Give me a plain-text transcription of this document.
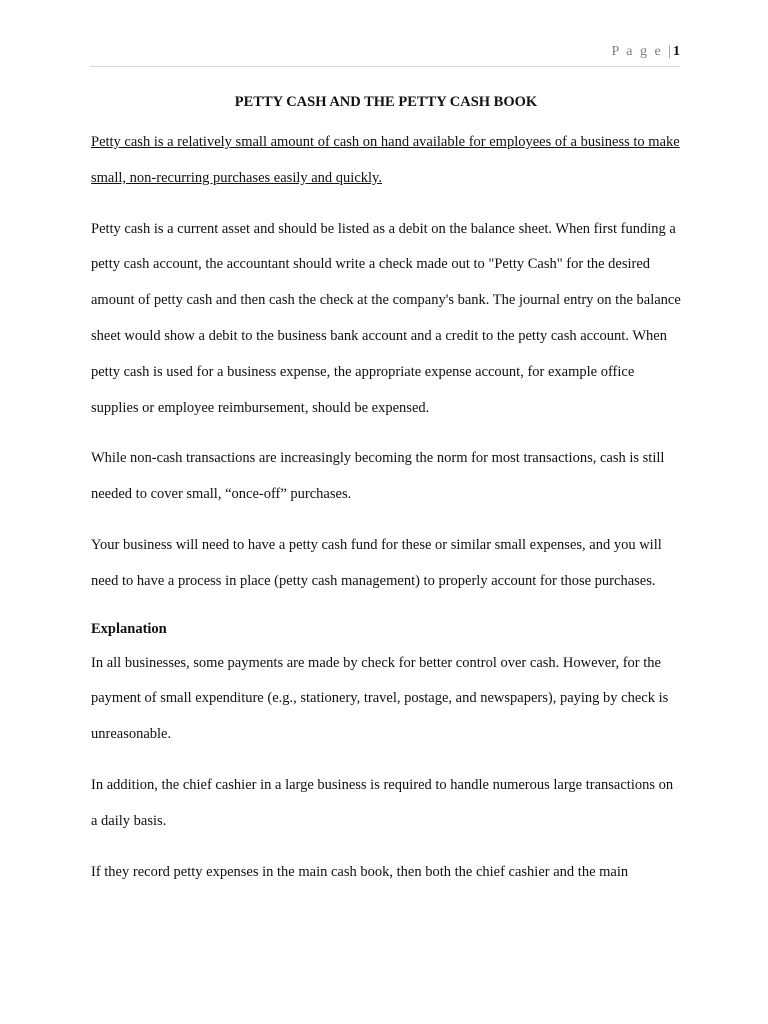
P a g e |1
PETTY CASH AND THE PETTY CASH BOOK

Petty cash is a relatively small amount of cash on hand available for employees of a business to make small, non-recurring purchases easily and quickly.

Petty cash is a current asset and should be listed as a debit on the balance sheet. When first funding a petty cash account, the accountant should write a check made out to "Petty Cash" for the desired amount of petty cash and then cash the check at the company's bank. The journal entry on the balance sheet would show a debit to the business bank account and a credit to the petty cash account. When petty cash is used for a business expense, the appropriate expense account, for example office supplies or employee reimbursement, should be expensed.

While non-cash transactions are increasingly becoming the norm for most transactions, cash is still needed to cover small, “once-off” purchases.

Your business will need to have a petty cash fund for these or similar small expenses, and you will need to have a process in place (petty cash management) to properly account for those purchases.

Explanation

In all businesses, some payments are made by check for better control over cash. However, for the payment of small expenditure (e.g., stationery, travel, postage, and newspapers), paying by check is unreasonable.

In addition, the chief cashier in a large business is required to handle numerous large transactions on a daily basis.

If they record petty expenses in the main cash book, then both the chief cashier and the main
